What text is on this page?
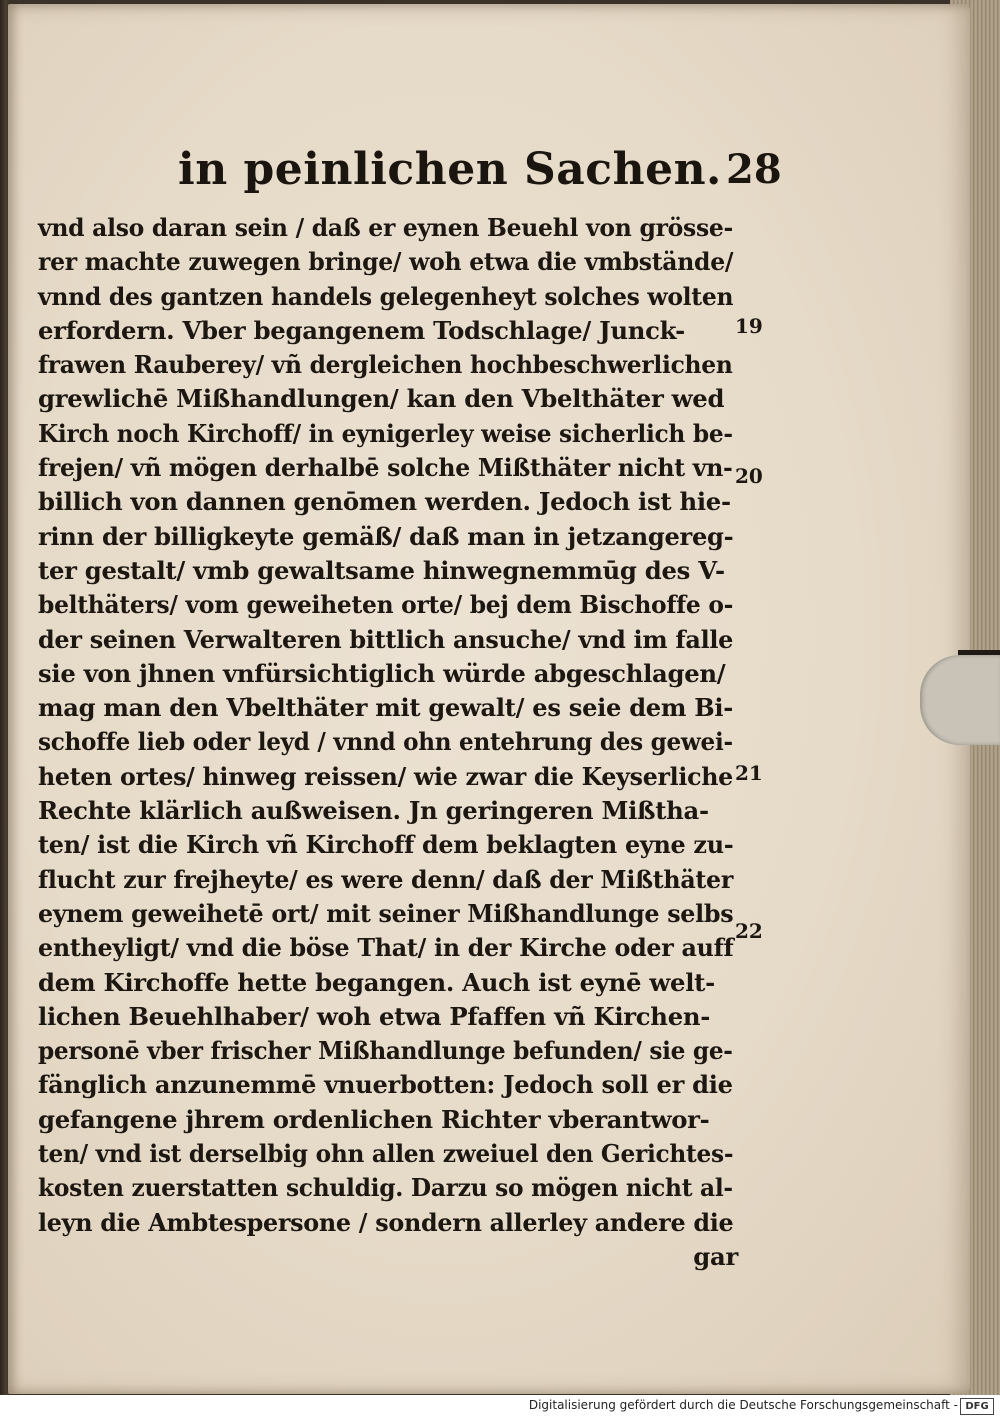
in peinlichen Sachen. 28
vnd also daran sein / daß er eynen Beuehl von grösse-
rer machte zuwegen bringe/ woh etwa die vmbstände/
vnnd des gantzen handels gelegenheyt solches wolten
erfordern. Vber begangenem Todschlage/ Junck-
frawen Rauberey/ vñ dergleichen hochbeschwerlichen
grewlichē Mißhandlungen/ kan den Vbelthäter wed
Kirch noch Kirchoff/ in eynigerley weise sicherlich be-
frejen/ vñ mögen derhalbē solche Mißthäter nicht vn-
billich von dannen genōmen werden. Jedoch ist hie-
rinn der billigkeyte gemäß/ daß man in jetzangereg-
ter gestalt/ vmb gewaltsame hinwegnemmūg des V-
belthäters/ vom geweiheten orte/ bej dem Bischoffe o-
der seinen Verwalteren bittlich ansuche/ vnd im falle
sie von jhnen vnfürsichtiglich würde abgeschlagen/
mag man den Vbelthäter mit gewalt/ es seie dem Bi-
schoffe lieb oder leyd / vnnd ohn entehrung des gewei-
heten ortes/ hinweg reissen/ wie zwar die Keyserliche
Rechte klärlich außweisen. Jn geringeren Mißtha-
ten/ ist die Kirch vñ Kirchoff dem beklagten eyne zu-
flucht zur frejheyte/ es were denn/ daß der Mißthäter
eynem geweihetē ort/ mit seiner Mißhandlunge selbs
entheyligt/ vnd die böse That/ in der Kirche oder auff
dem Kirchoffe hette begangen. Auch ist eynē welt-
lichen Beuehlhaber/ woh etwa Pfaffen vñ Kirchen-
personē vber frischer Mißhandlunge befunden/ sie ge-
fänglich anzunemmē vnuerbotten: Jedoch soll er die
gefangene jhrem ordenlichen Richter vberantwor-
ten/ vnd ist derselbig ohn allen zweiuel den Gerichtes-
kosten zuerstatten schuldig. Darzu so mögen nicht al-
leyn die Ambtespersone / sondern allerley andere die
gar
19
20
21
22
Digitalisierung gefördert durch die Deutsche Forschungsgemeinschaft - DFG
